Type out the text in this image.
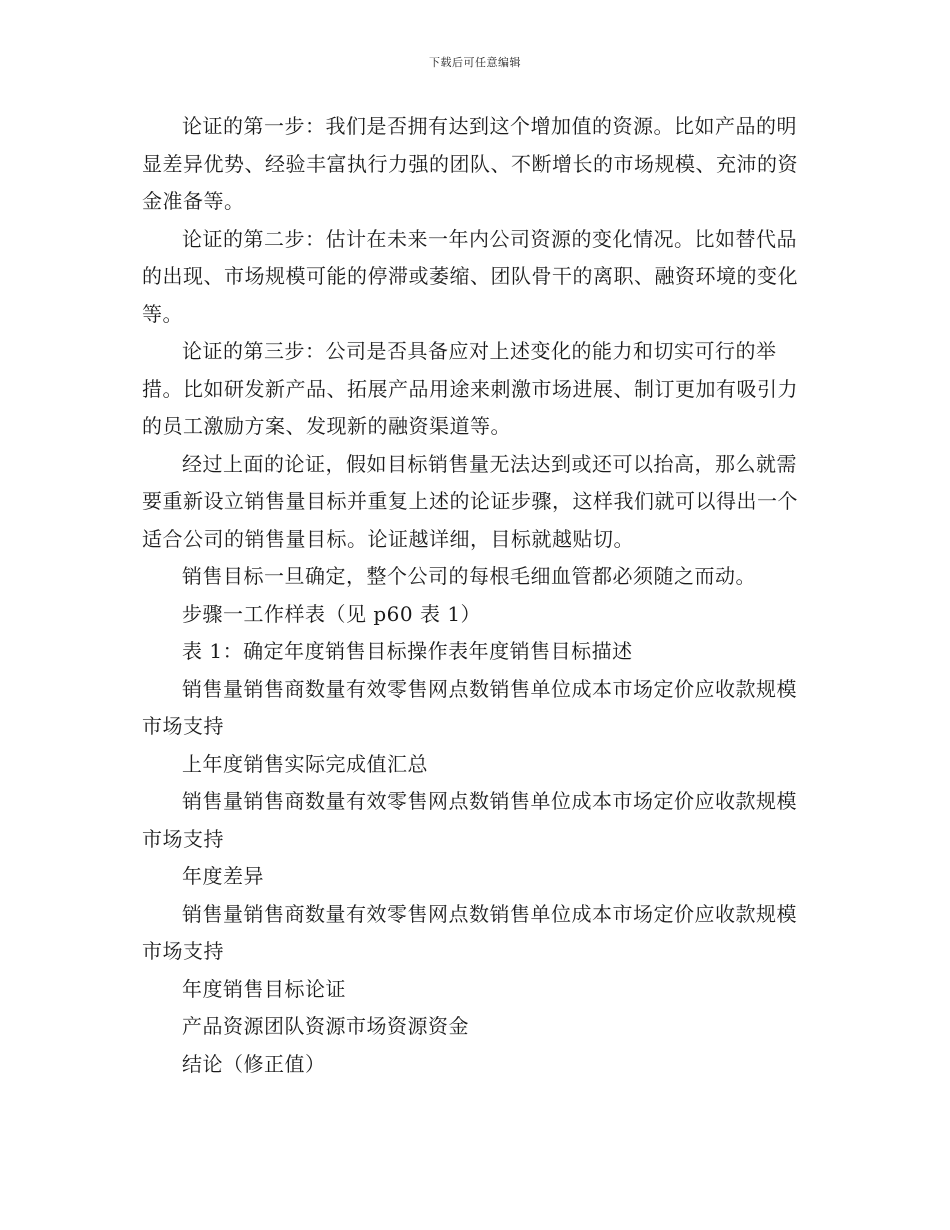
下载后可任意编辑

论证的第一步：我们是否拥有达到这个增加值的资源。比如产品的明显差异优势、经验丰富执行力强的团队、不断增长的市场规模、充沛的资金准备等。

论证的第二步：估计在未来一年内公司资源的变化情况。比如替代品的出现、市场规模可能的停滞或萎缩、团队骨干的离职、融资环境的变化等。

论证的第三步：公司是否具备应对上述变化的能力和切实可行的举措。比如研发新产品、拓展产品用途来刺激市场进展、制订更加有吸引力的员工激励方案、发现新的融资渠道等。

经过上面的论证，假如目标销售量无法达到或还可以抬高，那么就需要重新设立销售量目标并重复上述的论证步骤，这样我们就可以得出一个适合公司的销售量目标。论证越详细，目标就越贴切。

销售目标一旦确定，整个公司的每根毛细血管都必须随之而动。

步骤一工作样表（见 p60 表 1）

表 1：确定年度销售目标操作表年度销售目标描述

销售量销售商数量有效零售网点数销售单位成本市场定价应收款规模市场支持

上年度销售实际完成值汇总

销售量销售商数量有效零售网点数销售单位成本市场定价应收款规模市场支持

年度差异

销售量销售商数量有效零售网点数销售单位成本市场定价应收款规模市场支持

年度销售目标论证

产品资源团队资源市场资源资金

结论（修正值）
